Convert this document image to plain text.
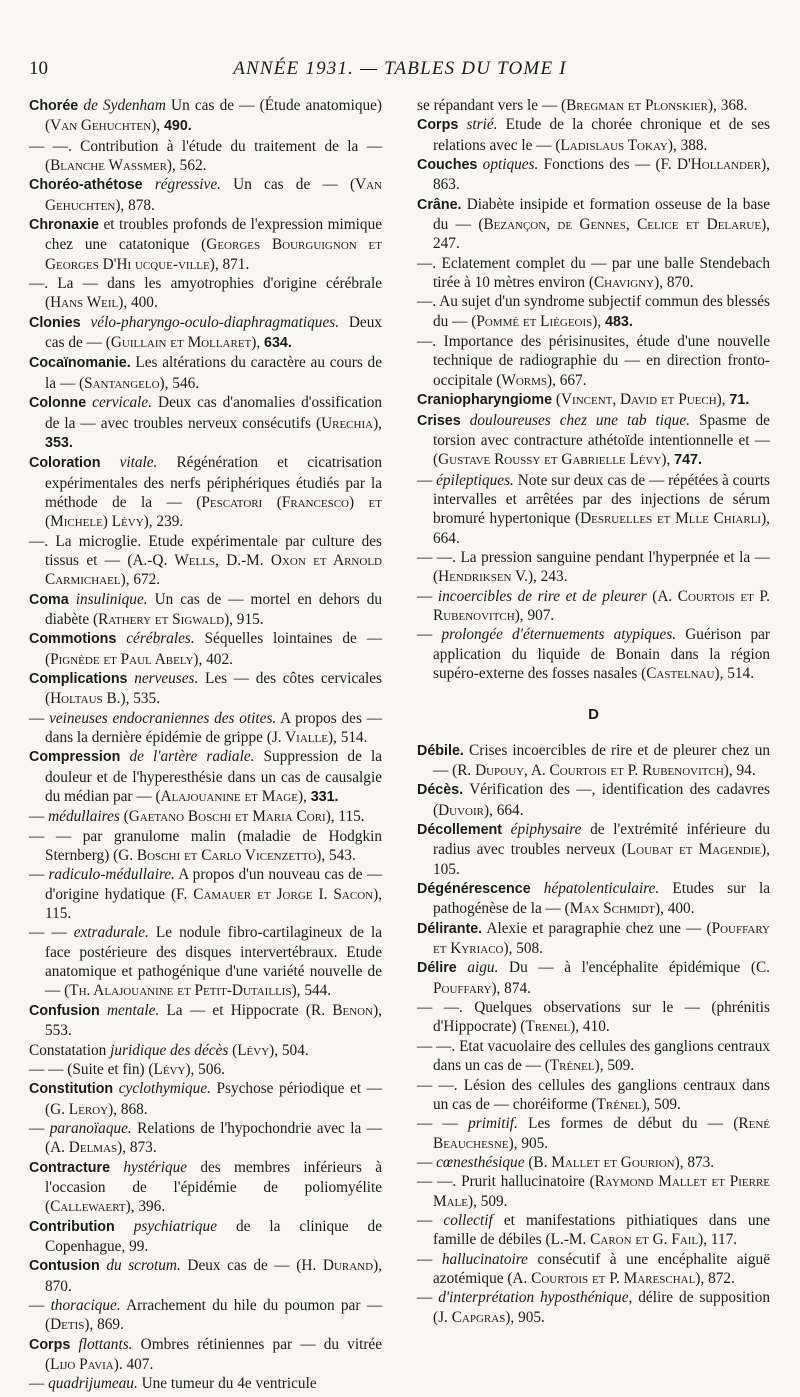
10	ANNÉE 1931. — TABLES DU TOME I

Chorée de Sydenham Un cas de — (Étude anatomique) (Van Gehuchten), 490.

— —. Contribution à l'étude du traitement de la — (Blanche Wassmer), 562.

Choréo-athétose régressive. Un cas de — (Van Gehuchten), 878.

Chronaxie et troubles profonds de l'expression mimique chez une catatonique (Georges Bourguignon et Georges D'Hi ucque-ville), 871.

—. La — dans les amyotrophies d'origine cérébrale (Hans Weil), 400.

Clonies vélo-pharyngo-oculo-diaphragmatiques. Deux cas de — (Guillain et Mollaret), 634.

Cocaïnomanie. Les altérations du caractère au cours de la — (Santangelo), 546.

Colonne cervicale. Deux cas d'anomalies d'ossification de la — avec troubles nerveux consécutifs (Urechia), 353.

Coloration vitale. Régénération et cicatrisation expérimentales des nerfs périphériques étudiés par la méthode de la — (Pescatori (Francesco) et (Michele) Lévy), 239.

—. La microglie. Etude expérimentale par culture des tissus et — (A.-Q. Wells, D.-M. Oxon et Arnold Carmichael), 672.

Coma insulinique. Un cas de — mortel en dehors du diabète (Rathery et Sigwald), 915.

Commotions cérébrales. Séquelles lointaines de — (Pignède et Paul Abely), 402.

Complications nerveuses. Les — des côtes cervicales (Holtaus B.), 535.

— veineuses endocraniennes des otites. A propos des — dans la dernière épidémie de grippe (J. Vialle), 514.

Compression de l'artère radiale. Suppression de la douleur et de l'hyperesthésie dans un cas de causalgie du médian par — (Alajouanine et Mage), 331.

— médullaires (Gaetano Boschi et Maria Cori), 115.

— — par granulome malin (maladie de Hodgkin Sternberg) (G. Boschi et Carlo Vicenzetto), 543.

— radiculo-médullaire. A propos d'un nouveau cas de — d'origine hydatique (F. Camauer et Jorge I. Sacon), 115.

— — extradurale. Le nodule fibro-cartilagineux de la face postérieure des disques intervertébraux. Etude anatomique et pathogénique d'une variété nouvelle de — (Th. Alajouanine et Petit-Dutaillis), 544.

Confusion mentale. La — et Hippocrate (R. Benon), 553.

Constatation juridique des décès (Lévy), 504.

— — (Suite et fin) (Lévy), 506.

Constitution cyclothymique. Psychose périodique et — (G. Leroy), 868.

— paranoïaque. Relations de l'hypochondrie avec la — (A. Delmas), 873.

Contracture hystérique des membres inférieurs à l'occasion de l'épidémie de poliomyélite (Callewaert), 396.

Contribution psychiatrique de la clinique de Copenhague, 99.

Contusion du scrotum. Deux cas de — (H. Durand), 870.

— thoracique. Arrachement du hile du poumon par — (Detis), 869.

Corps flottants. Ombres rétiniennes par — du vitrée (Lijo Pavia). 407.

— quadrijumeau. Une tumeur du 4e ventricule

se répandant vers le — (Bregman et Plonskier), 368.

Corps strié. Etude de la chorée chronique et de ses relations avec le — (Ladislaus Tokay), 388.

Couches optiques. Fonctions des — (F. D'Hollander), 863.

Crâne. Diabète insipide et formation osseuse de la base du — (Bezançon, de Gennes, Celice et Delarue), 247.

—. Eclatement complet du — par une balle Stendebach tirée à 10 mètres environ (Chavigny), 870.

—. Au sujet d'un syndrome subjectif commun des blessés du — (Pommé et Liégeois), 483.

—. Importance des périsinusites, étude d'une nouvelle technique de radiographie du — en direction fronto-occipitale (Worms), 667.

Craniopharyngiome (Vincent, David et Puech), 71.

Crises douloureuses chez une tab tique. Spasme de torsion avec contracture athétoïde intentionnelle et — (Gustave Roussy et Gabrielle Lévy), 747.

— épileptiques. Note sur deux cas de — répétées à courts intervalles et arrêtées par des injections de sérum bromuré hypertonique (Desruelles et Mlle Chiarli), 664.

— —. La pression sanguine pendant l'hyperpnée et la — (Hendriksen V.), 243.

— incoercibles de rire et de pleurer (A. Courtois et P. Rubenovitch), 907.

— prolongée d'éternuements atypiques. Guérison par application du liquide de Bonain dans la région supéro-externe des fosses nasales (Castelnau), 514.

D

Débile. Crises incoercibles de rire et de pleurer chez un — (R. Dupouy, A. Courtois et P. Rubenovitch), 94.

Décès. Vérification des —, identification des cadavres (Duvoir), 664.

Décollement épiphysaire de l'extrémité inférieure du radius avec troubles nerveux (Loubat et Magendie), 105.

Dégénérescence hépatolenticulaire. Etudes sur la pathogénèse de la — (Max Schmidt), 400.

Délirante. Alexie et paragraphie chez une — (Pouffary et Kyriaco), 508.

Délire aigu. Du — à l'encéphalite épidémique (C. Pouffary), 874.

— —. Quelques observations sur le — (phrénitis d'Hippocrate) (Trenel), 410.

— —. Etat vacuolaire des cellules des ganglions centraux dans un cas de — (Trénel), 509.

— —. Lésion des cellules des ganglions centraux dans un cas de — choréiforme (Trénel), 509.

— — primitif. Les formes de début du — (René Beauchesne), 905.

— cœnesthésique (B. Mallet et Gourion), 873.

— —. Prurit hallucinatoire (Raymond Mallet et Pierre Male), 509.

— collectif et manifestations pithiatiques dans une famille de débiles (L.-M. Caron et G. Fail), 117.

— hallucinatoire consécutif à une encéphalite aiguë azotémique (A. Courtois et P. Mareschal), 872.

— d'interprétation hyposthénique, délire de supposition (J. Capgras), 905.
